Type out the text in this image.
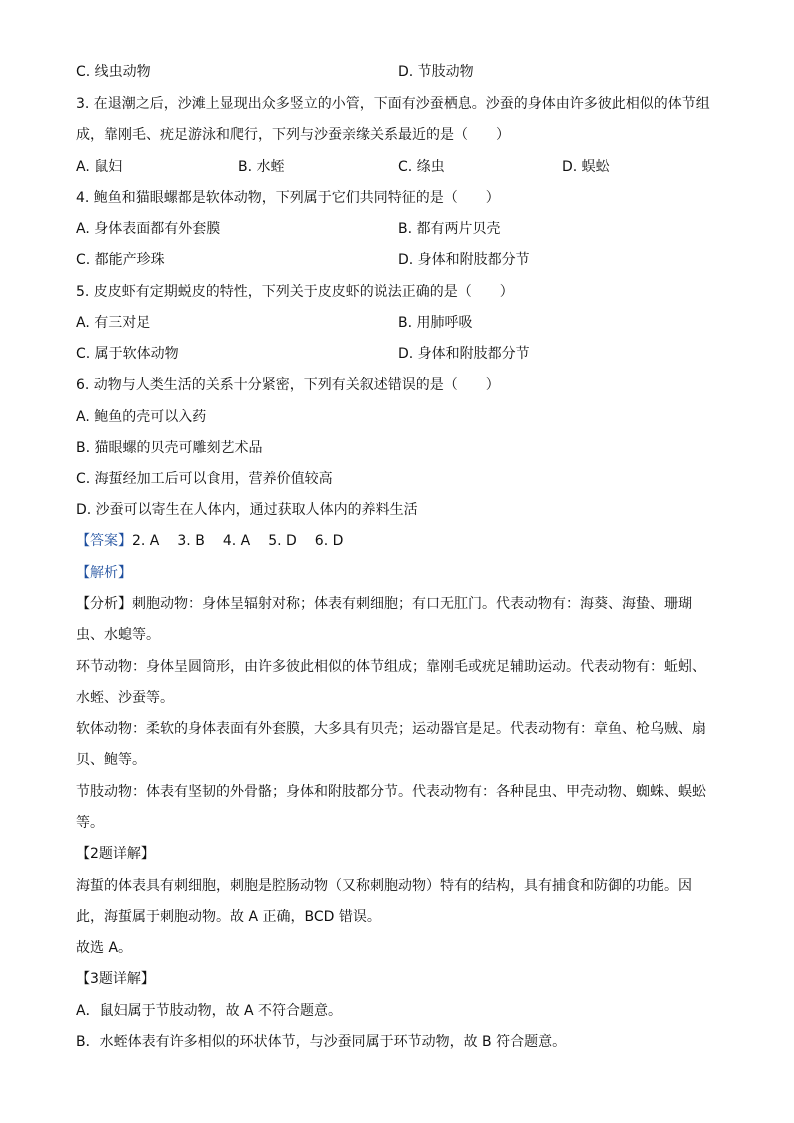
C. 线虫动物	D. 节肢动物
3. 在退潮之后，沙滩上显现出众多竖立的小管，下面有沙蚕栖息。沙蚕的身体由许多彼此相似的体节组
成，靠刚毛、疣足游泳和爬行，下列与沙蚕亲缘关系最近的是（　　）
A. 鼠妇	B. 水蛭	C. 绦虫	D. 蜈蚣
4. 鲍鱼和猫眼螺都是软体动物，下列属于它们共同特征的是（　　）
A. 身体表面都有外套膜	B. 都有两片贝壳
C. 都能产珍珠	D. 身体和附肢都分节
5. 皮皮虾有定期蜕皮的特性，下列关于皮皮虾的说法正确的是（　　）
A. 有三对足	B. 用肺呼吸
C. 属于软体动物	D. 身体和附肢都分节
6. 动物与人类生活的关系十分紧密，下列有关叙述错误的是（　　）
A. 鲍鱼的壳可以入药
B. 猫眼螺的贝壳可雕刻艺术品
C. 海蜇经加工后可以食用，营养价值较高
D. 沙蚕可以寄生在人体内，通过获取人体内的养料生活
【答案】2. A 3. B 4. A 5. D 6. D
【解析】
【分析】刺胞动物：身体呈辐射对称；体表有刺细胞；有口无肛门。代表动物有：海葵、海蛰、珊瑚
虫、水螅等。
环节动物：身体呈圆筒形，由许多彼此相似的体节组成；靠刚毛或疣足辅助运动。代表动物有：蚯蚓、
水蛭、沙蚕等。
软体动物：柔软的身体表面有外套膜，大多具有贝壳；运动器官是足。代表动物有：章鱼、枪乌贼、扇
贝、鲍等。
节肢动物：体表有坚韧的外骨骼；身体和附肢都分节。代表动物有：各种昆虫、甲壳动物、蜘蛛、蜈蚣
等。
【2题详解】
海蜇的体表具有刺细胞，刺胞是腔肠动物（又称刺胞动物）特有的结构，具有捕食和防御的功能。因
此，海蜇属于刺胞动物。故 A 正确，BCD 错误。
故选 A。
【3题详解】
A．鼠妇属于节肢动物，故 A 不符合题意。
B．水蛭体表有许多相似的环状体节，与沙蚕同属于环节动物，故 B 符合题意。
